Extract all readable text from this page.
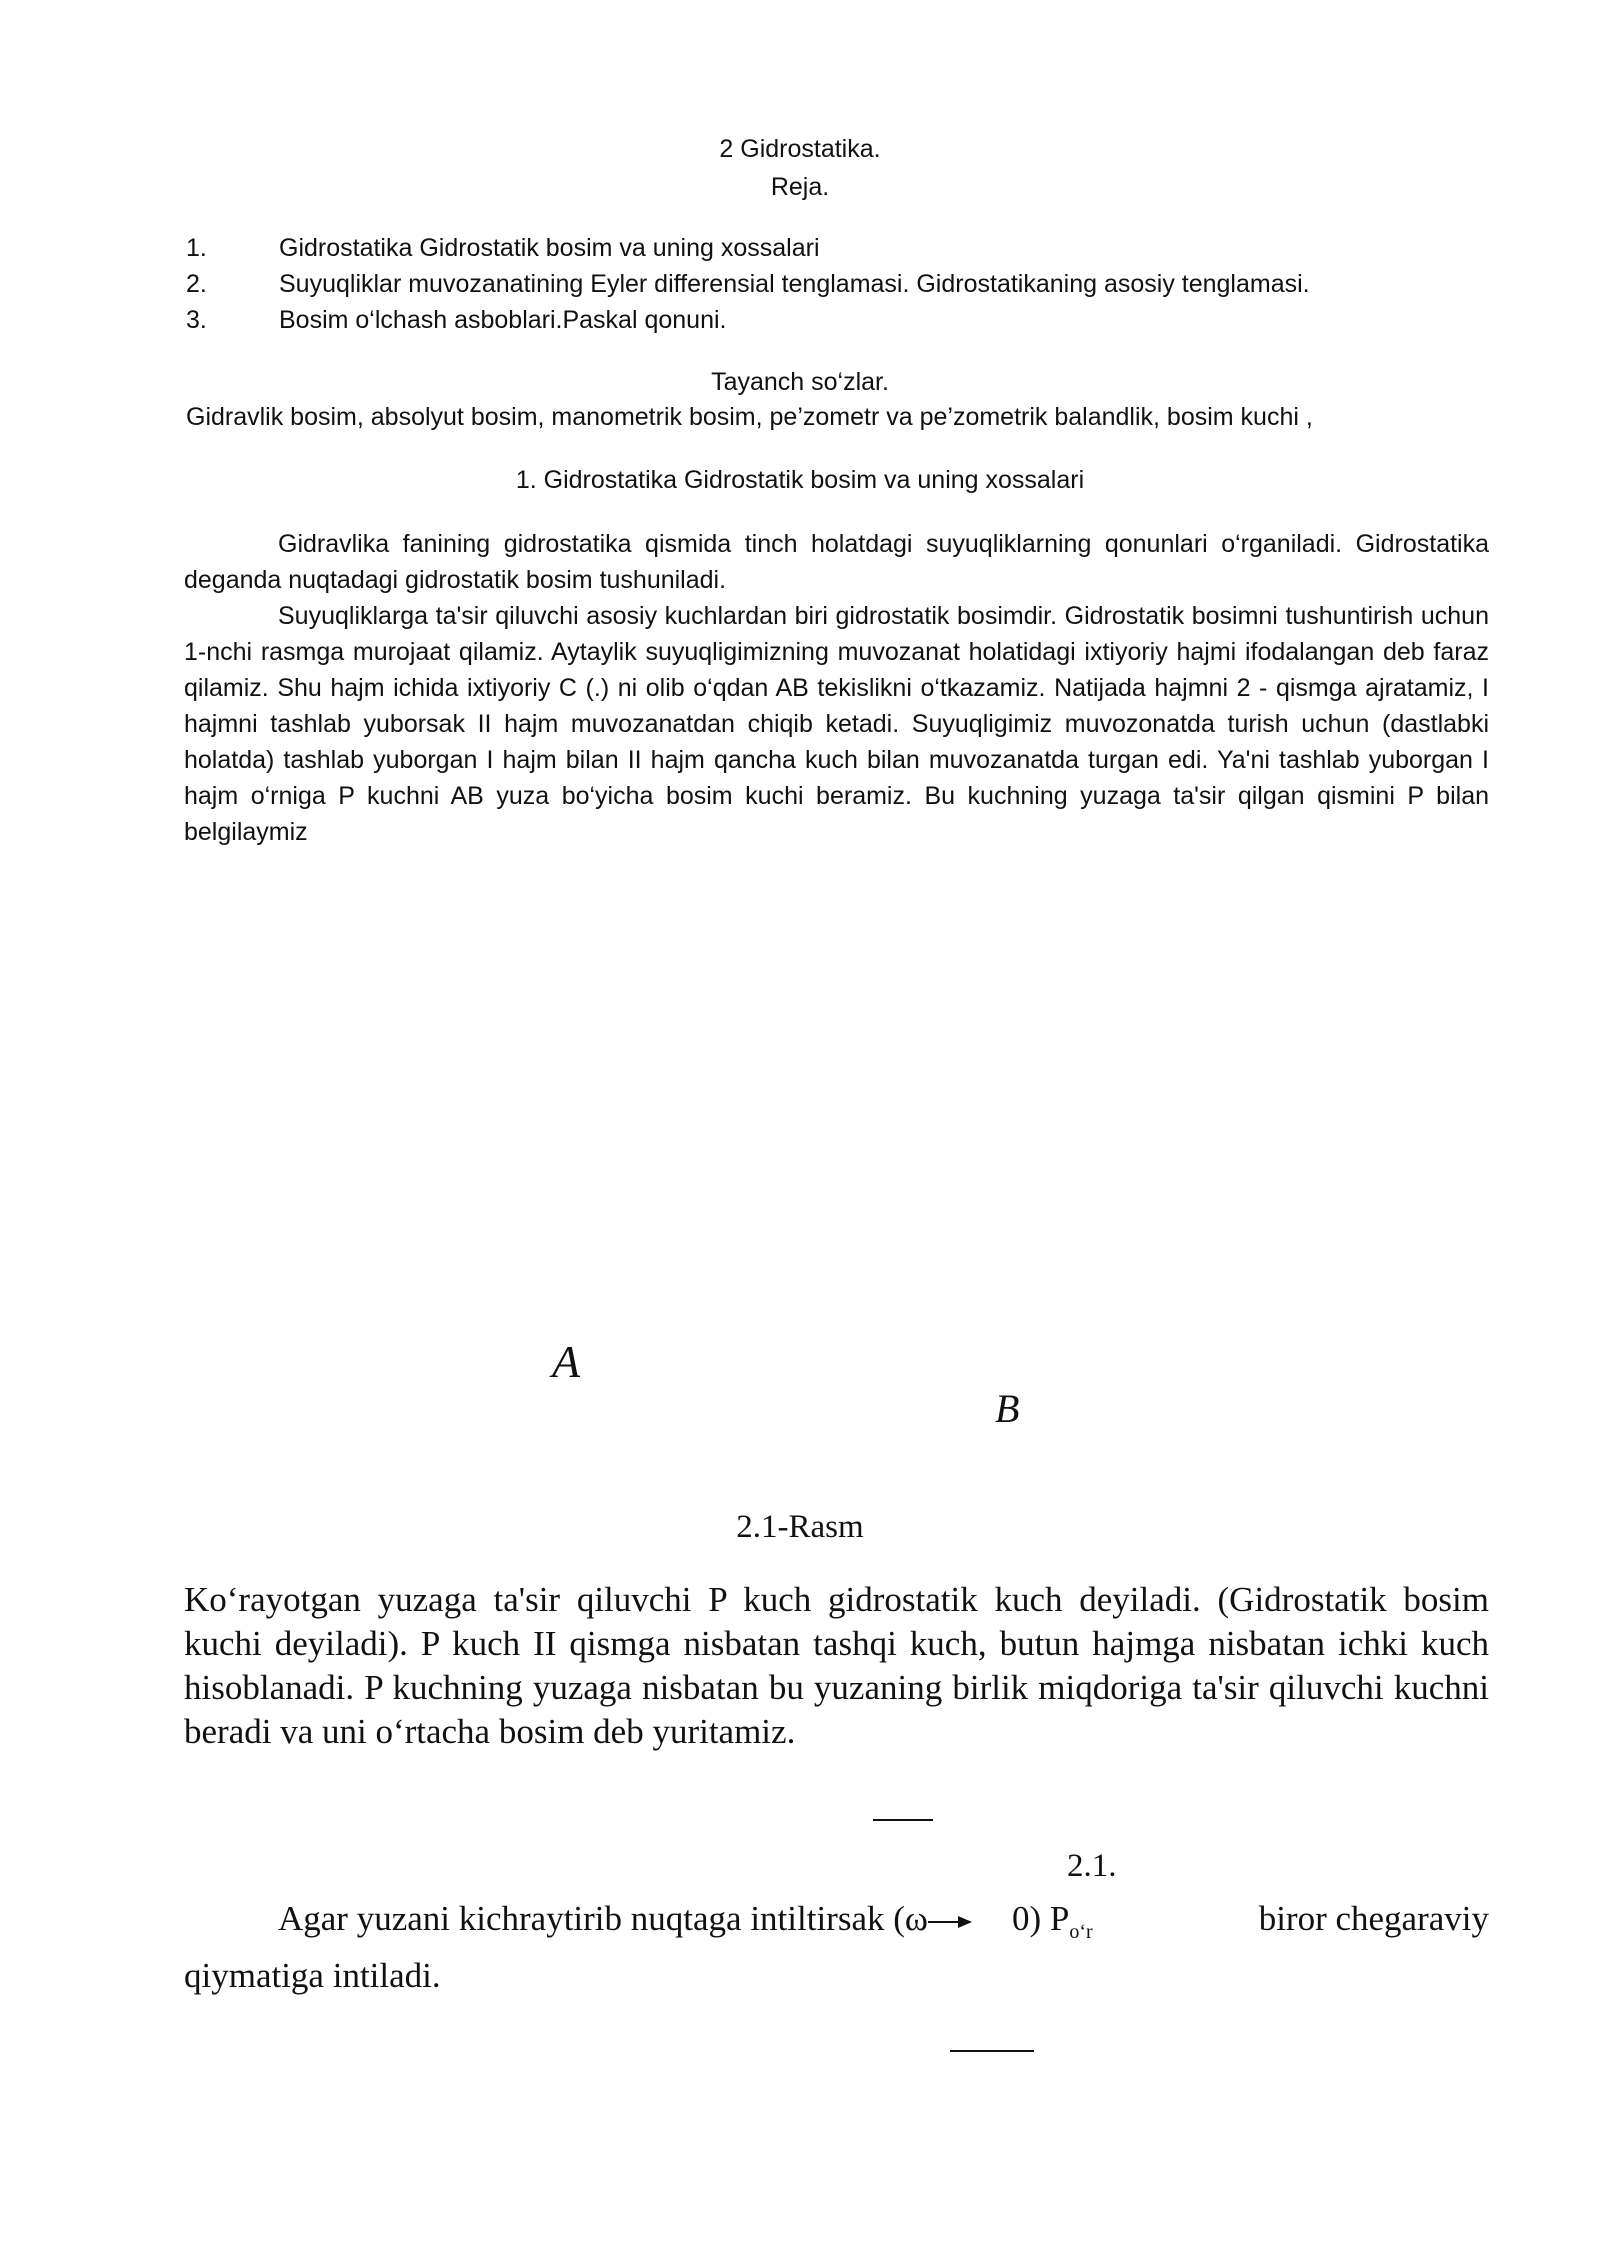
2 Gidrostatika.
Reja.
1.	Gidrostatika Gidrostatik bosim va uning xossalari
2.	Suyuqliklar muvozanatining Eyler differensial tenglamasi. Gidrostatikaning asosiy tenglamasi.
3.	Bosim o‘lchash asboblari.Paskal qonuni.
Tayanch so‘zlar.
Gidravlik bosim, absolyut bosim, manometrik bosim, pe’zometr va pe’zometrik balandlik, bosim kuchi ,
1. Gidrostatika Gidrostatik bosim va uning xossalari

Gidravlika fanining gidrostatika qismida tinch holatdagi suyuqliklarning qonunlari o‘rganiladi. Gidrostatika deganda nuqtadagi gidrostatik bosim tushuniladi.

Suyuqliklarga ta'sir qiluvchi asosiy kuchlardan biri gidrostatik bosimdir. Gidrostatik bosimni tushuntirish uchun 1-nchi rasmga murojaat qilamiz. Aytaylik suyuqligimizning muvozanat holatidagi ixtiyoriy hajmi ifodalangan deb faraz qilamiz. Shu hajm ichida ixtiyoriy C (.) ni olib o‘qdan AB tekislikni o‘tkazamiz. Natijada hajmni 2 - qismga ajratamiz, I hajmni tashlab yuborsak II hajm muvozanatdan chiqib ketadi. Suyuqligimiz muvozonatda turish uchun (dastlabki holatda) tashlab yuborgan I hajm bilan II hajm qancha kuch bilan muvozanatda turgan edi. Ya'ni tashlab yuborgan I hajm o‘rniga P kuchni AB yuza bo‘yicha bosim kuchi beramiz. Bu kuchning yuzaga ta'sir qilgan qismini P bilan belgilaymiz

A
B
2.1-Rasm

Ko‘rayotgan yuzaga ta'sir qiluvchi P kuch gidrostatik kuch deyiladi. (Gidrostatik bosim kuchi deyiladi). P kuch II qismga nisbatan tashqi kuch, butun hajmga nisbatan ichki kuch hisoblanadi. P kuchning yuzaga nisbatan bu yuzaning birlik miqdoriga ta'sir qiluvchi kuchni beradi va uni o‘rtacha bosim deb yuritamiz.

2.1.
Agar yuzani kichraytirib nuqtaga intiltirsak (ω 0) $P_{o‘r}$	biror chegaraviy
qiymatiga intiladi.
